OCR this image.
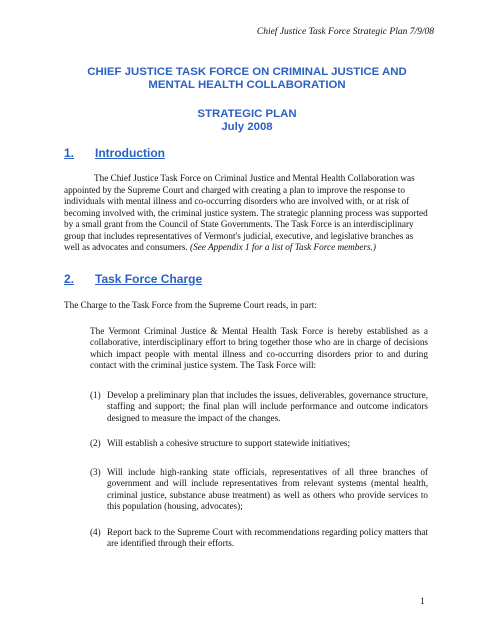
Chief Justice Task Force Strategic Plan 7/9/08
CHIEF JUSTICE TASK FORCE ON CRIMINAL JUSTICE AND
MENTAL HEALTH COLLABORATION
STRATEGIC PLAN
July 2008
1. Introduction
The Chief Justice Task Force on Criminal Justice and Mental Health Collaboration was appointed by the Supreme Court and charged with creating a plan to improve the response to individuals with mental illness and co-occurring disorders who are involved with, or at risk of becoming involved with, the criminal justice system. The strategic planning process was supported by a small grant from the Council of State Governments. The Task Force is an interdisciplinary group that includes representatives of Vermont's judicial, executive, and legislative branches as well as advocates and consumers. (See Appendix 1 for a list of Task Force members.)
2. Task Force Charge
The Charge to the Task Force from the Supreme Court reads, in part:
The Vermont Criminal Justice & Mental Health Task Force is hereby established as a collaborative, interdisciplinary effort to bring together those who are in charge of decisions which impact people with mental illness and co-occurring disorders prior to and during contact with the criminal justice system. The Task Force will:
(1) Develop a preliminary plan that includes the issues, deliverables, governance structure, staffing and support; the final plan will include performance and outcome indicators designed to measure the impact of the changes.
(2) Will establish a cohesive structure to support statewide initiatives;
(3) Will include high-ranking state officials, representatives of all three branches of government and will include representatives from relevant systems (mental health, criminal justice, substance abuse treatment) as well as others who provide services to this population (housing, advocates);
(4) Report back to the Supreme Court with recommendations regarding policy matters that are identified through their efforts.
1
